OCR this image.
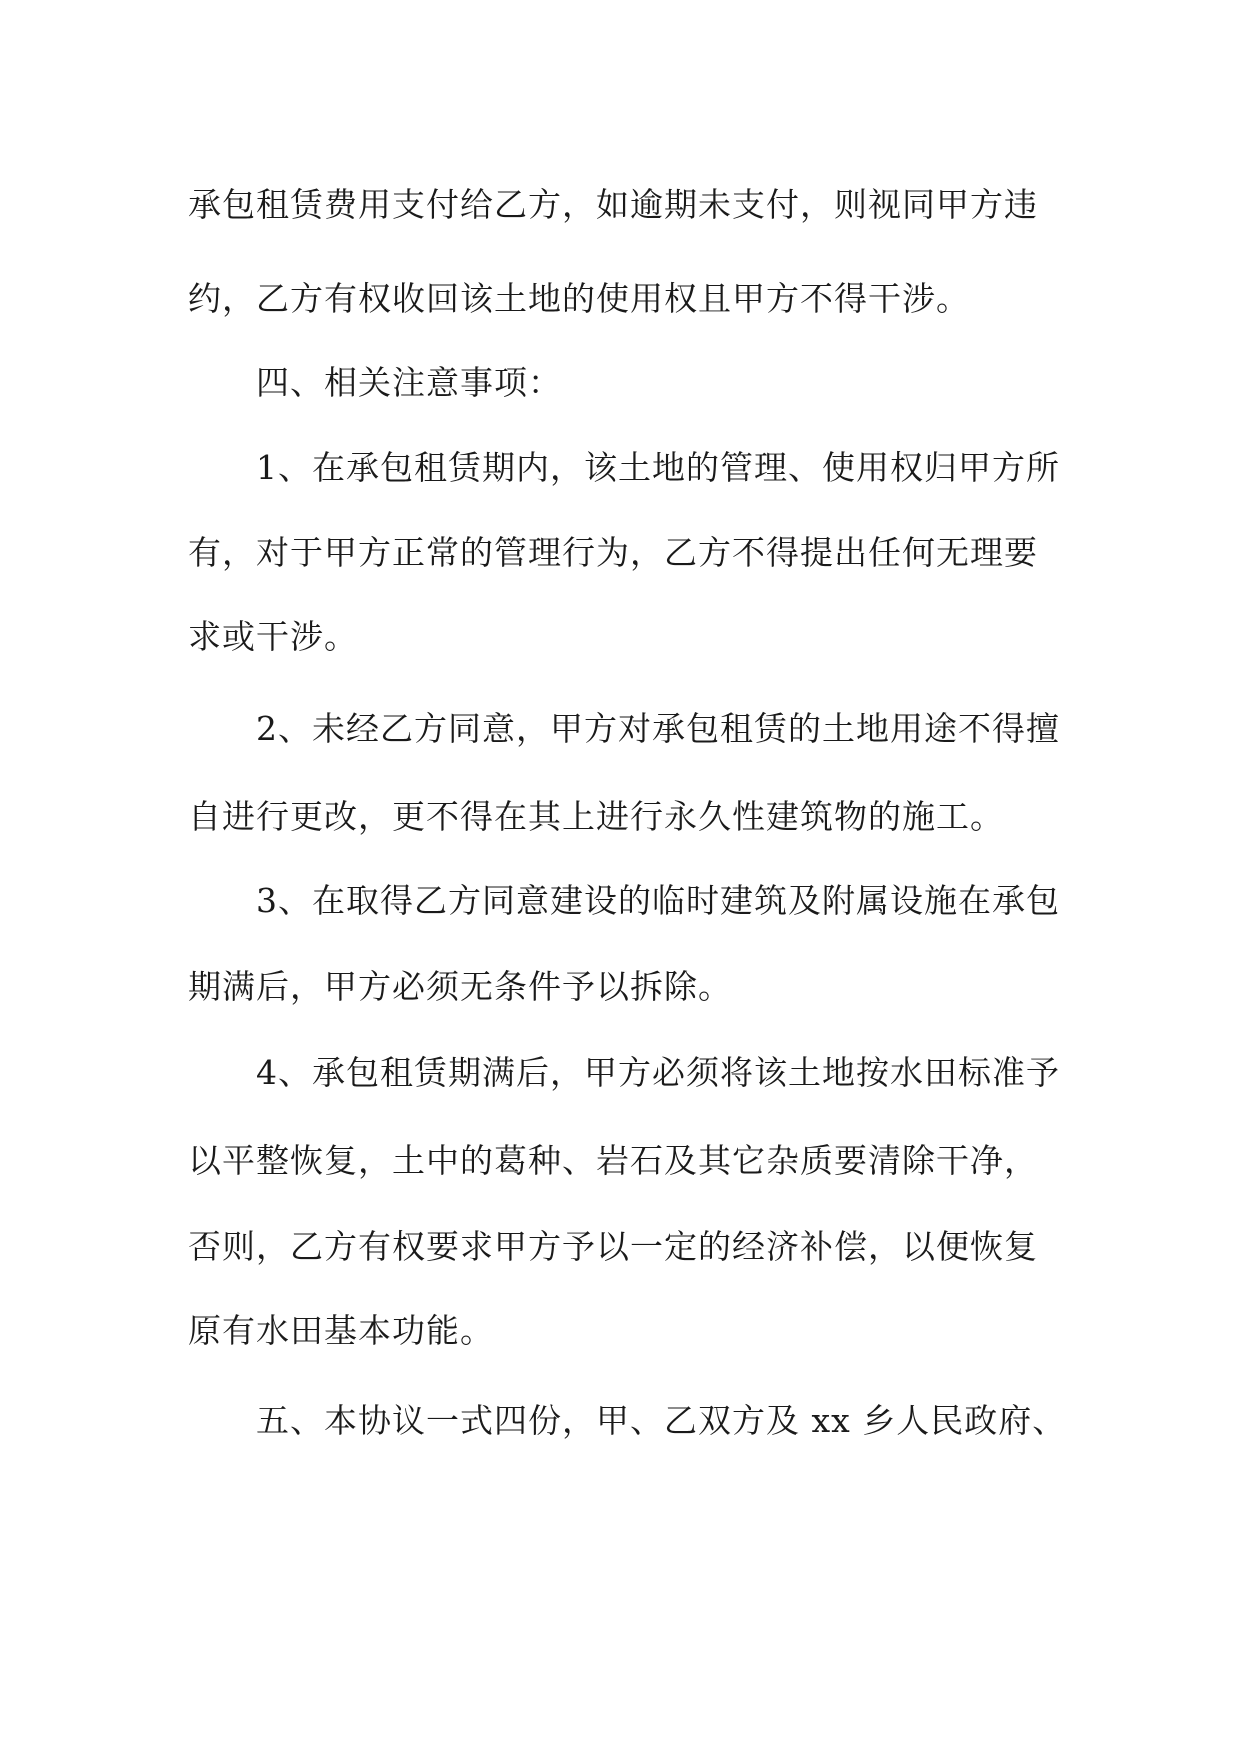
承包租赁费用支付给乙方，如逾期未支付，则视同甲方违
约，乙方有权收回该土地的使用权且甲方不得干涉。
四、相关注意事项：
1、在承包租赁期内，该土地的管理、使用权归甲方所
有，对于甲方正常的管理行为，乙方不得提出任何无理要
求或干涉。
2、未经乙方同意，甲方对承包租赁的土地用途不得擅
自进行更改，更不得在其上进行永久性建筑物的施工。
3、在取得乙方同意建设的临时建筑及附属设施在承包
期满后，甲方必须无条件予以拆除。
4、承包租赁期满后，甲方必须将该土地按水田标准予
以平整恢复，土中的葛种、岩石及其它杂质要清除干净，
否则，乙方有权要求甲方予以一定的经济补偿，以便恢复
原有水田基本功能。
五、本协议一式四份，甲、乙双方及 xx 乡人民政府、
